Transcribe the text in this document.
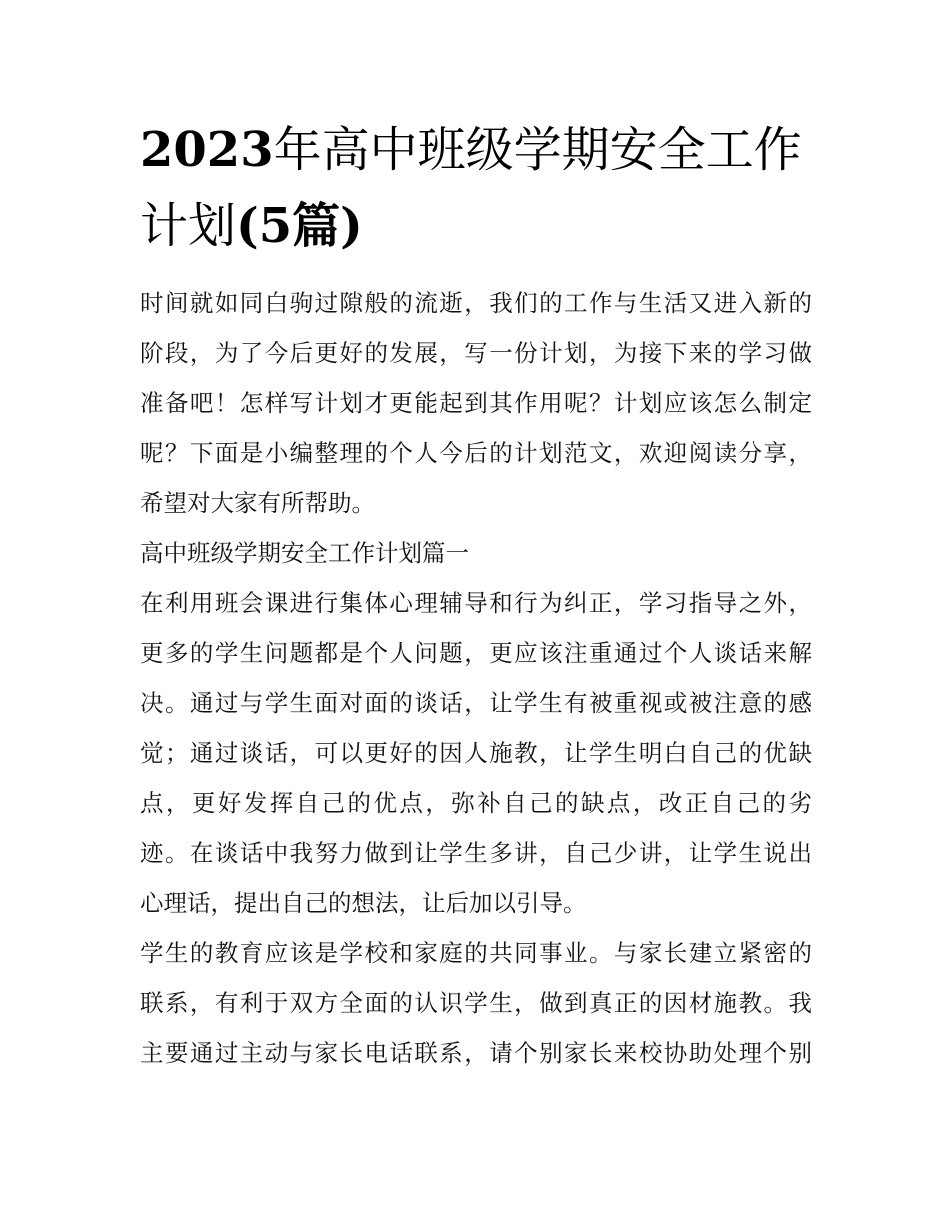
2023年高中班级学期安全工作
计划(5篇)
时间就如同白驹过隙般的流逝，我们的工作与生活又进入新的
阶段，为了今后更好的发展，写一份计划，为接下来的学习做
准备吧！怎样写计划才更能起到其作用呢？计划应该怎么制定
呢？下面是小编整理的个人今后的计划范文，欢迎阅读分享，
希望对大家有所帮助。
高中班级学期安全工作计划篇一
在利用班会课进行集体心理辅导和行为纠正，学习指导之外，
更多的学生问题都是个人问题，更应该注重通过个人谈话来解
决。通过与学生面对面的谈话，让学生有被重视或被注意的感
觉；通过谈话，可以更好的因人施教，让学生明白自己的优缺
点，更好发挥自己的优点，弥补自己的缺点，改正自己的劣
迹。在谈话中我努力做到让学生多讲，自己少讲，让学生说出
心理话，提出自己的想法，让后加以引导。
学生的教育应该是学校和家庭的共同事业。与家长建立紧密的
联系，有利于双方全面的认识学生，做到真正的因材施教。我
主要通过主动与家长电话联系，请个别家长来校协助处理个别
